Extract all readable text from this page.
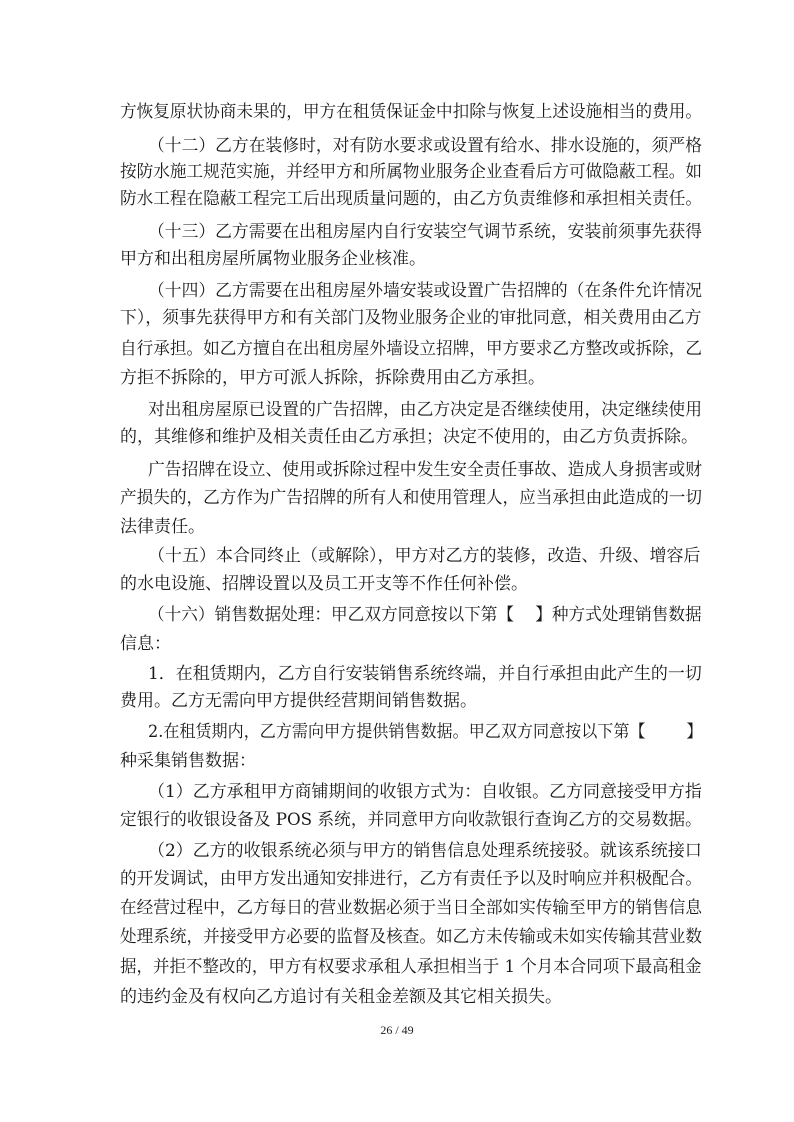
方恢复原状协商未果的，甲方在租赁保证金中扣除与恢复上述设施相当的费用。
（十二）乙方在装修时，对有防水要求或设置有给水、排水设施的，须严格
按防水施工规范实施，并经甲方和所属物业服务企业查看后方可做隐蔽工程。如
防水工程在隐蔽工程完工后出现质量问题的，由乙方负责维修和承担相关责任。
（十三）乙方需要在出租房屋内自行安装空气调节系统，安装前须事先获得
甲方和出租房屋所属物业服务企业核准。
（十四）乙方需要在出租房屋外墙安装或设置广告招牌的（在条件允许情况
下），须事先获得甲方和有关部门及物业服务企业的审批同意，相关费用由乙方
自行承担。如乙方擅自在出租房屋外墙设立招牌，甲方要求乙方整改或拆除，乙
方拒不拆除的，甲方可派人拆除，拆除费用由乙方承担。
对出租房屋原已设置的广告招牌，由乙方决定是否继续使用，决定继续使用
的，其维修和维护及相关责任由乙方承担；决定不使用的，由乙方负责拆除。
广告招牌在设立、使用或拆除过程中发生安全责任事故、造成人身损害或财
产损失的，乙方作为广告招牌的所有人和使用管理人，应当承担由此造成的一切
法律责任。
（十五）本合同终止（或解除），甲方对乙方的装修，改造、升级、增容后
的水电设施、招牌设置以及员工开支等不作任何补偿。
（十六）销售数据处理：甲乙双方同意按以下第【    】种方式处理销售数据
信息：
1．在租赁期内，乙方自行安装销售系统终端，并自行承担由此产生的一切
费用。乙方无需向甲方提供经营期间销售数据。
2.在租赁期内，乙方需向甲方提供销售数据。甲乙双方同意按以下第【        】
种采集销售数据：
（1）乙方承租甲方商铺期间的收银方式为：自收银。乙方同意接受甲方指
定银行的收银设备及 POS 系统，并同意甲方向收款银行查询乙方的交易数据。
（2）乙方的收银系统必须与甲方的销售信息处理系统接驳。就该系统接口
的开发调试，由甲方发出通知安排进行，乙方有责任予以及时响应并积极配合。
在经营过程中，乙方每日的营业数据必须于当日全部如实传输至甲方的销售信息
处理系统，并接受甲方必要的监督及核查。如乙方未传输或未如实传输其营业数
据，并拒不整改的，甲方有权要求承租人承担相当于 1 个月本合同项下最高租金
的违约金及有权向乙方追讨有关租金差额及其它相关损失。
26 / 49
